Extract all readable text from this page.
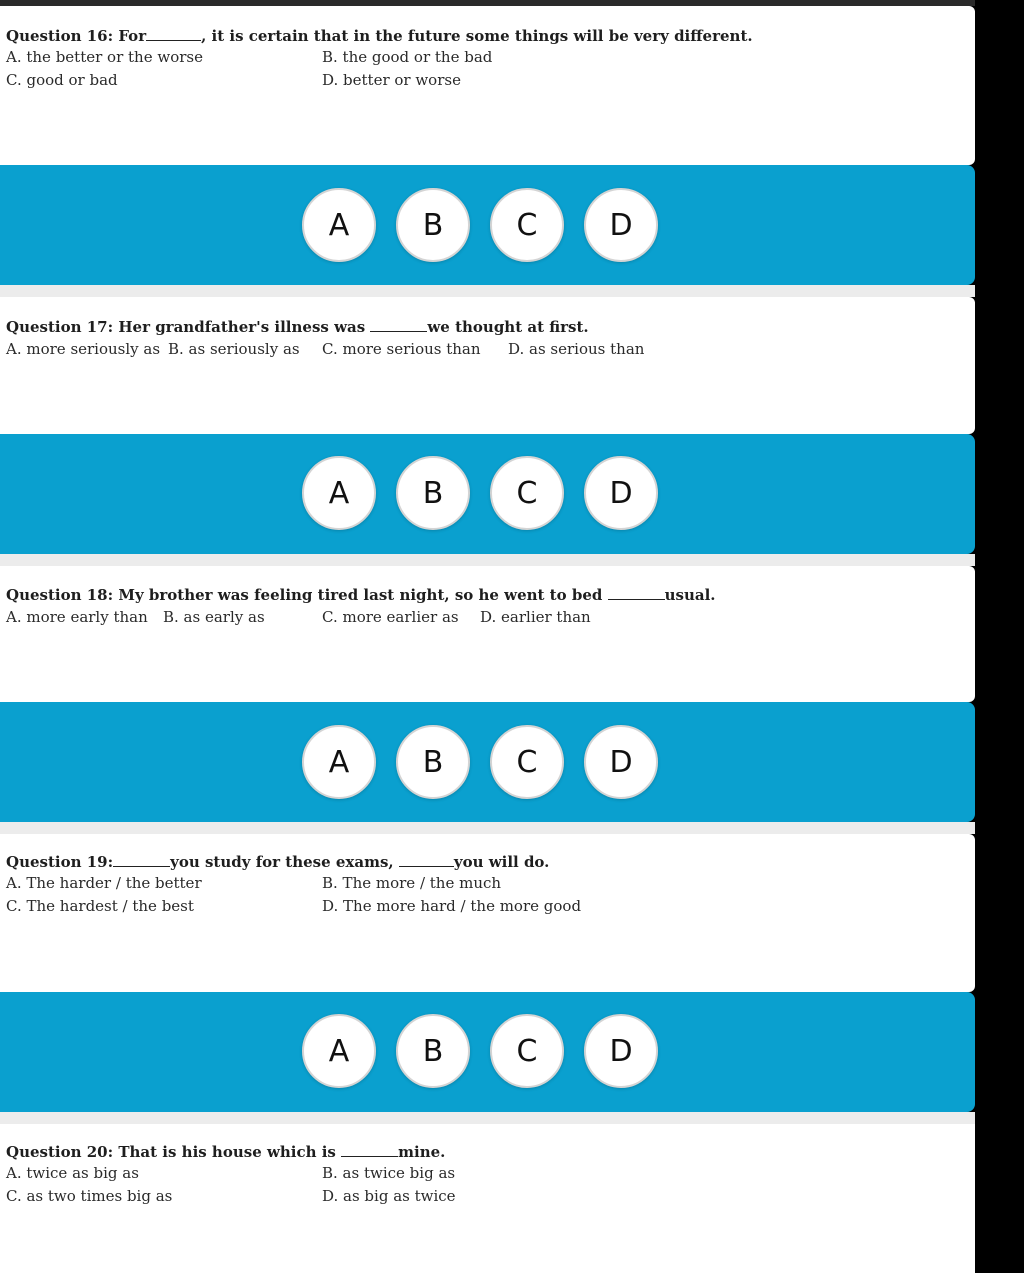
Question 16: For	, it is certain that in the future some things will be very different.
A. the better or the worse	B. the good or the bad
C. good or bad	D. better or worse
A	B	C	D
Question 17: Her grandfather's illness was	we thought at first.
A. more seriously as B. as seriously as C. more serious than D. as serious than
A	B	C	D
Question 18: My brother was feeling tired last night, so he went to bed	usual.
A. more early than B. as early as	C. more earlier as D. earlier than
A	B	C	D
Question 19:	you study for these exams,	you will do.
A. The harder / the better	B. The more / the much
C. The hardest / the best	D. The more hard / the more good
A	B	C	D
Question 20: That is his house which is	mine.
A. twice as big as	B. as twice big as
C. as two times big as	D. as big as twice
